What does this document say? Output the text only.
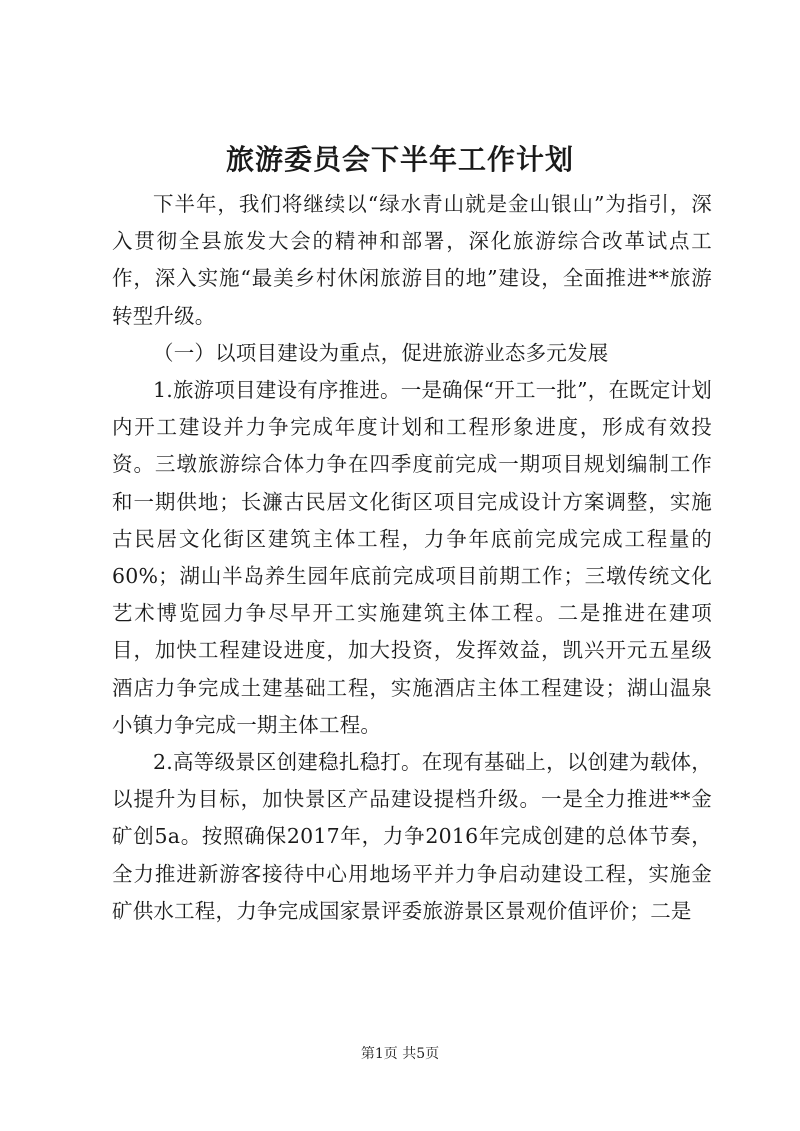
旅游委员会下半年工作计划

下半年，我们将继续以“绿水青山就是金山银山”为指引，深入贯彻全县旅发大会的精神和部署，深化旅游综合改革试点工作，深入实施“最美乡村休闲旅游目的地”建设，全面推进**旅游转型升级。

（一）以项目建设为重点，促进旅游业态多元发展

1.旅游项目建设有序推进。一是确保“开工一批”，在既定计划内开工建设并力争完成年度计划和工程形象进度，形成有效投资。三墩旅游综合体力争在四季度前完成一期项目规划编制工作和一期供地；长濂古民居文化街区项目完成设计方案调整，实施古民居文化街区建筑主体工程，力争年底前完成完成工程量的60%；湖山半岛养生园年底前完成项目前期工作；三墩传统文化艺术博览园力争尽早开工实施建筑主体工程。二是推进在建项目，加快工程建设进度，加大投资，发挥效益，凯兴开元五星级酒店力争完成土建基础工程，实施酒店主体工程建设；湖山温泉小镇力争完成一期主体工程。

2.高等级景区创建稳扎稳打。在现有基础上，以创建为载体，以提升为目标，加快景区产品建设提档升级。一是全力推进**金矿创5a。按照确保2017年，力争2016年完成创建的总体节奏，全力推进新游客接待中心用地场平并力争启动建设工程，实施金矿供水工程，力争完成国家景评委旅游景区景观价值评价；二是

第1页 共5页
